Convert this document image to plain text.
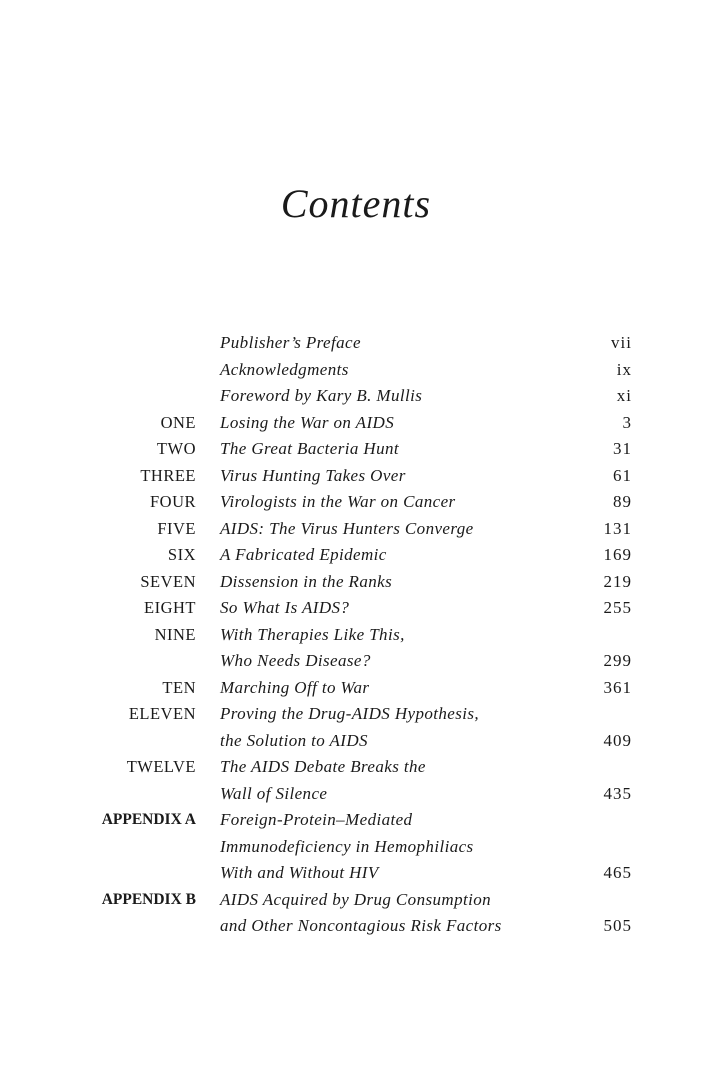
Contents
Publisher’s Preface	vii
Acknowledgments	ix
Foreword by Kary B. Mullis	xi
ONE	Losing the War on AIDS	3
TWO	The Great Bacteria Hunt	31
THREE	Virus Hunting Takes Over	61
FOUR	Virologists in the War on Cancer	89
FIVE	AIDS: The Virus Hunters Converge	131
SIX	A Fabricated Epidemic	169
SEVEN	Dissension in the Ranks	219
EIGHT	So What Is AIDS?	255
NINE	With Therapies Like This,
Who Needs Disease?	299
TEN	Marching Off to War	361
ELEVEN	Proving the Drug-AIDS Hypothesis,
the Solution to AIDS	409
TWELVE	The AIDS Debate Breaks the
Wall of Silence	435
APPENDIX A	Foreign-Protein–Mediated
Immunodeficiency in Hemophiliacs
With and Without HIV	465
APPENDIX B	AIDS Acquired by Drug Consumption
and Other Noncontagious Risk Factors	505
